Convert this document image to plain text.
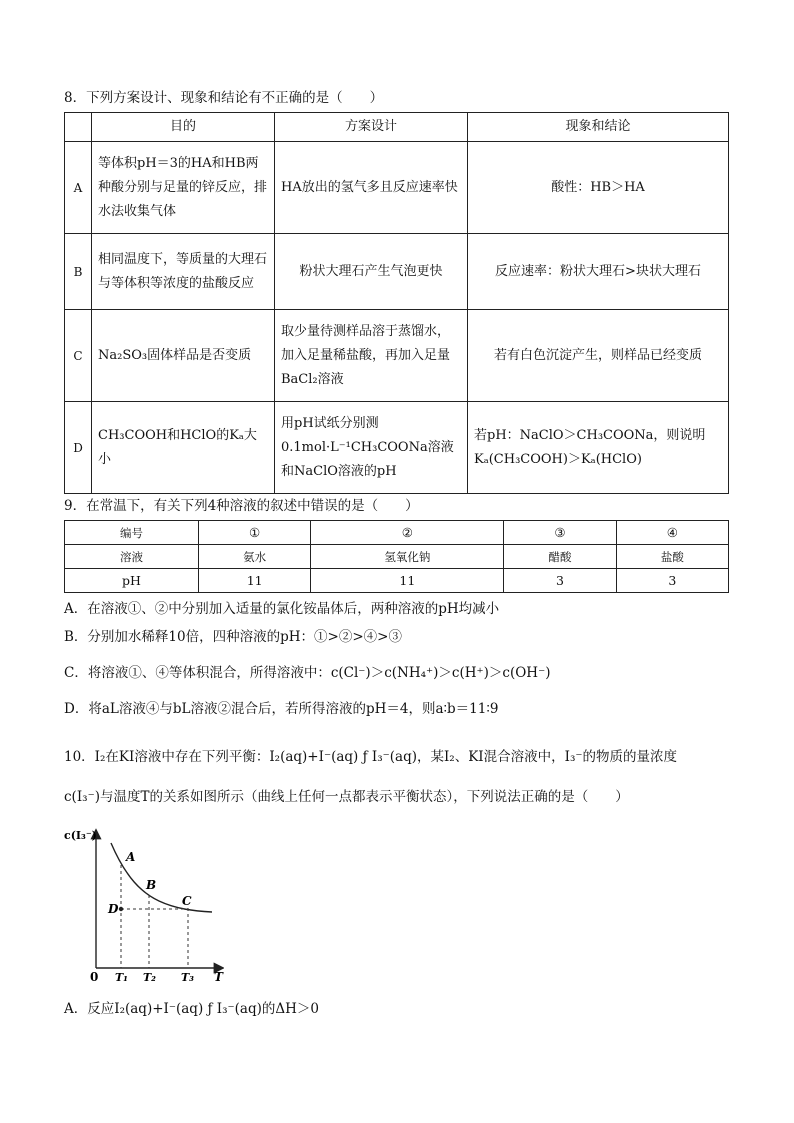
8．下列方案设计、现象和结论有不正确的是（　　）
	目的	方案设计	现象和结论
A	等体积pH＝3的HA和HB两种酸分别与足量的锌反应，排水法收集气体	HA放出的氢气多且反应速率快	酸性：HB＞HA
B	相同温度下，等质量的大理石与等体积等浓度的盐酸反应	粉状大理石产生气泡更快	反应速率：粉状大理石>块状大理石
C	Na₂SO₃固体样品是否变质	取少量待测样品溶于蒸馏水，加入足量稀盐酸，再加入足量BaCl₂溶液	若有白色沉淀产生，则样品已经变质
D	CH₃COOH和HClO的Kₐ大小	用pH试纸分别测0.1mol·L⁻¹CH₃COONa溶液和NaClO溶液的pH	若pH：NaClO＞CH₃COONa，则说明Kₐ(CH₃COOH)＞Kₐ(HClO)
9．在常温下，有关下列4种溶液的叙述中错误的是（　　）
编号	①	②	③	④
溶液	氨水	氢氧化钠	醋酸	盐酸
pH	11	11	3	3
A．在溶液①、②中分别加入适量的氯化铵晶体后，两种溶液的pH均减小
B．分别加水稀释10倍，四种溶液的pH：①>②>④>③
C．将溶液①、④等体积混合，所得溶液中：c(Cl⁻)＞c(NH₄⁺)＞c(H⁺)＞c(OH⁻)
D．将aL溶液④与bL溶液②混合后，若所得溶液的pH＝4，则a∶b＝11∶9
10．I₂在KI溶液中存在下列平衡：I₂(aq)+I⁻(aq) ƒ I₃⁻(aq)，某I₂、KI混合溶液中，I₃⁻的物质的量浓度
c(I₃⁻)与温度T的关系如图所示（曲线上任何一点都表示平衡状态），下列说法正确的是（　　）
c(I₃⁻)
T
0
A
B
C
D
T₁ T₂ T₃
A．反应I₂(aq)+I⁻(aq) ƒ I₃⁻(aq)的ΔH＞0
